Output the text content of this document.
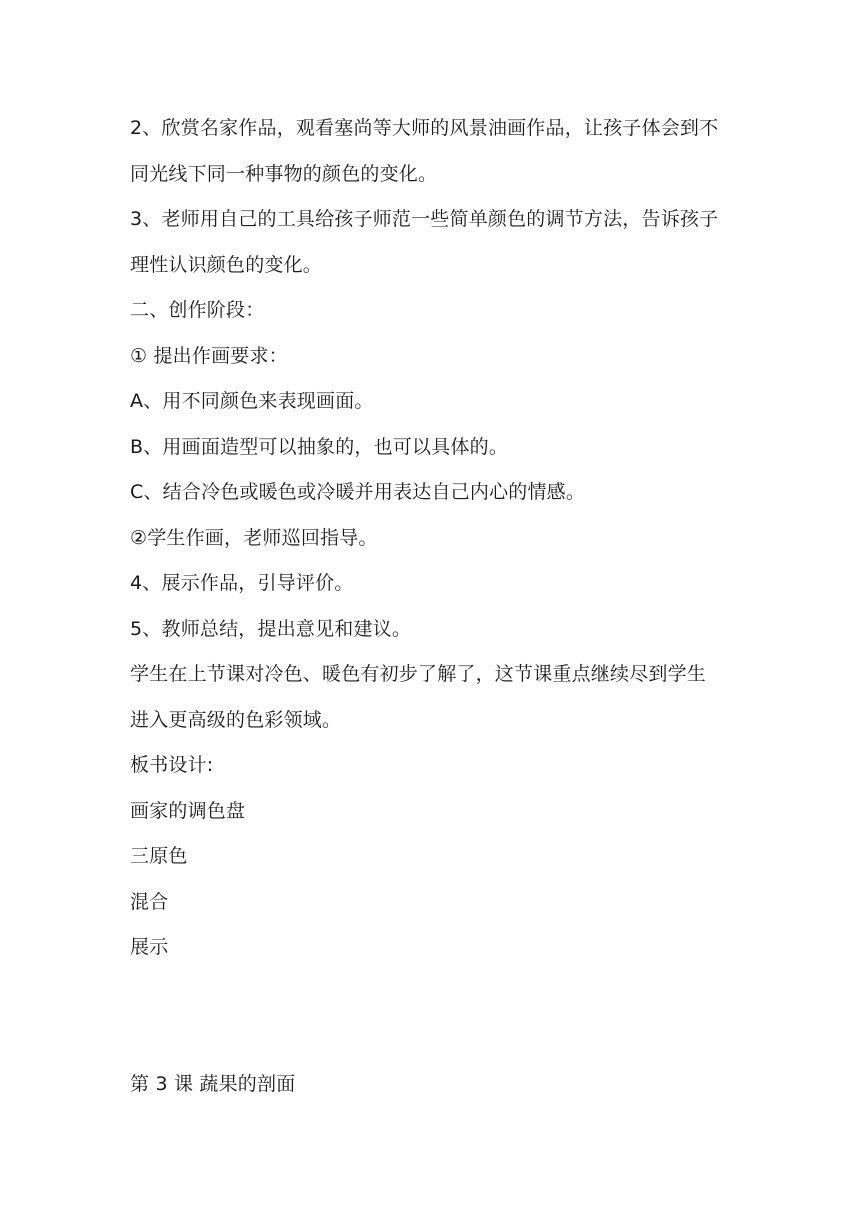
2、欣赏名家作品，观看塞尚等大师的风景油画作品，让孩子体会到不
同光线下同一种事物的颜色的变化。
3、老师用自己的工具给孩子师范一些简单颜色的调节方法，告诉孩子
理性认识颜色的变化。
二、创作阶段：
① 提出作画要求：
A、用不同颜色来表现画面。
B、用画面造型可以抽象的，也可以具体的。
C、结合冷色或暖色或冷暖并用表达自己内心的情感。
②学生作画，老师巡回指导。
4、展示作品，引导评价。
5、教师总结，提出意见和建议。
学生在上节课对冷色、暖色有初步了解了，这节课重点继续尽到学生
进入更高级的色彩领域。
板书设计:
画家的调色盘
三原色
混合
展示
第 3 课 蔬果的剖面
